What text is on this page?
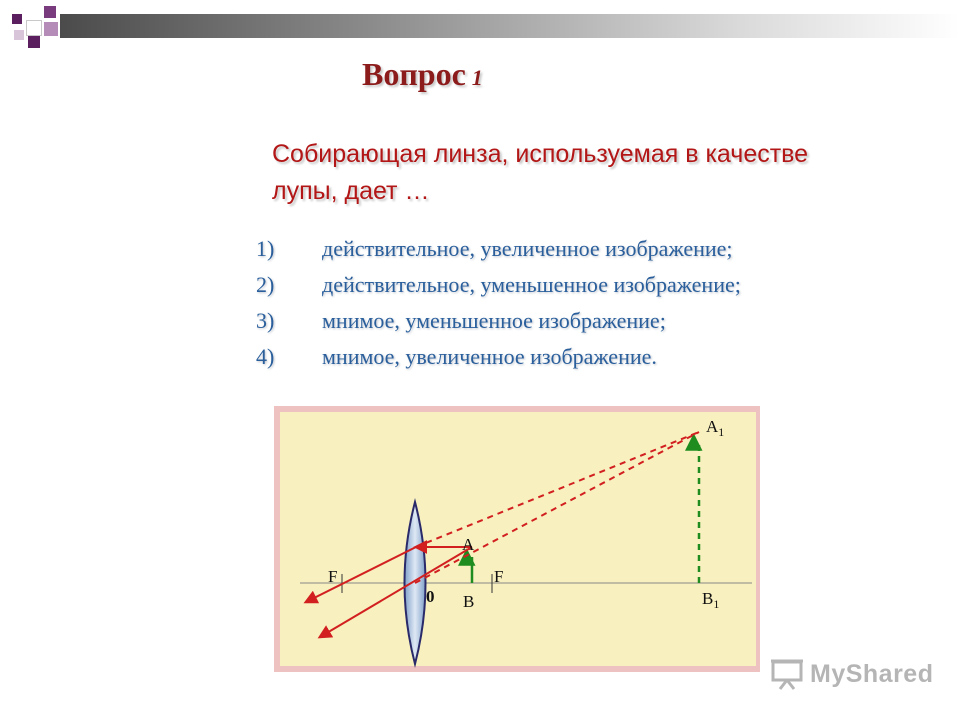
Вопрос 1
Собирающая линза, используемая в качестве лупы, дает …
1) действительное, увеличенное изображение;
2) действительное, уменьшенное изображение;
3) мнимое, уменьшенное изображение;
4) мнимое, увеличенное изображение.
F	F
0
A
B
$A_1$
$B_1$
MyShared
